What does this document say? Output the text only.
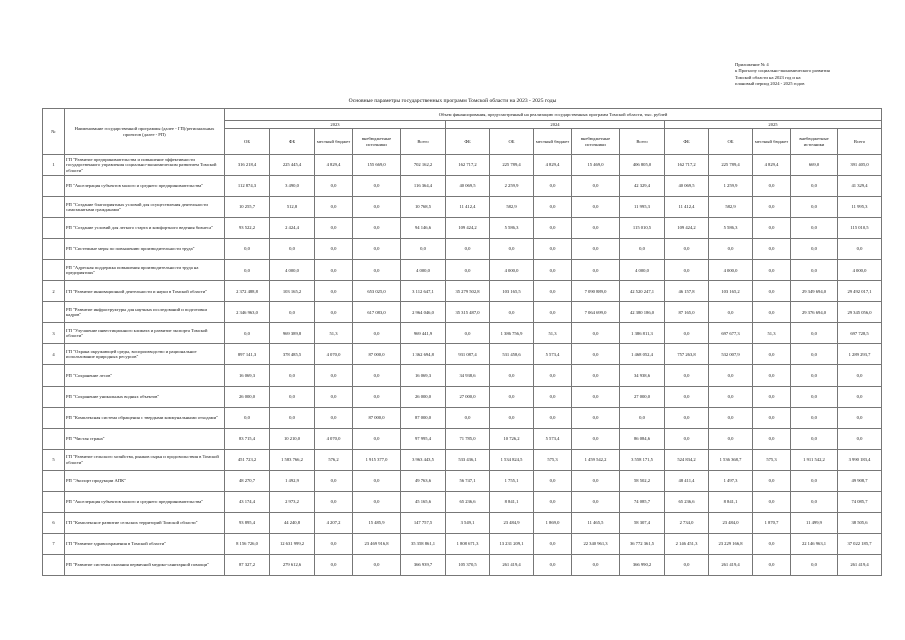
Приложение № 4
к Прогнозу социально-экономического развития
Томской области на 2023 год и на
плановый период 2024 - 2025 годов
Основные параметры государственных программ Томской области на 2023 - 2025 годы
№	Наименование государственной программы (далее - ГП)/региональных проектов (далее - РП)	Объем финансирования, предусмотренный на реализацию государственных программ Томской области, тыс. рублей														
		2023					2024					2025				
		ОБ	ФБ	местный бюджет	внебюджетные источники	Всего	ФБ	ОБ	местный бюджет	внебюджетные источники	Всего	ФБ	ОБ	местный бюджет	внебюджетные источники	Всего
1	ГП "Развитие предпринимательства и повышение эффективности государственного управления социально-экономическим развитием Томской области"	316 218,4	225 445,4	4 829,4	155 669,0	702 162,2	162 717,2	225 789,4	4 829,4	15 469,0	406 805,0	162 717,2	225 789,4	4 829,4	669,0	391 405,0
	РП "Акселерация субъектов малого и среднего предпринимательства"	112 874,3	3 490,0	0,0	0,0	116 364,4	40 069,5	2 259,9	0,0	0,0	42 329,4	40 069,5	1 259,9	0,0	0,0	41 329,4
	РП "Создание благоприятных условий для осуществления деятельности самозанятыми гражданами"	10 255,7	512,8	0,0	0,0	10 768,5	11 412,4	582,9	0,0	0,0	11 995,3	11 412,4	582,9	0,0	0,0	11 995,3
	РП "Создание условий для легкого старта и комфортного ведения бизнеса"	93 522,2	2 424,4	0,0	0,0	94 146,6	109 424,2	5 586,3	0,0	0,0	115 010,5	109 424,2	5 586,3	0,0	0,0	115 010,5
	РП "Системные меры по повышению производительности труда"	0,0	0,0	0,0	0,0	0,0	0,0	0,0	0,0	0,0	0,0	0,0	0,0	0,0	0,0	0,0
	РП "Адресная поддержка повышения производительности труда на предприятиях"	0,0	4 000,0	0,0	0,0	4 000,0	0,0	4 000,0	0,0	0,0	4 000,0	0,0	4 000,0	0,0	0,0	4 000,0
2	ГП "Развитие инновационной деятельности и науки в Томской области"	2 372 488,8	103 165,2	0,0	653 025,0	3 112 647,1	35 279 502,8	103 165,5	0,0	7 090 889,0	42 520 247,1	46 157,8	103 165,2	0,0	29 349 694,0	29 492 017,1
	РП "Развитие инфраструктуры для научных исследований и подготовки кадров"	2 346 963,0	0,0	0,0	617 083,0	2 964 046,0	35 315 487,0	0,0	0,0	7 064 699,0	42 380 186,0	87 165,0	0,0	0,0	29 376 694,0	29 345 056,0
3	ГП "Улучшение инвестиционного климата и развитие экспорта Томской области"	0,0	969 389,8	51,3	0,0	969 441,9	0,0	1 386 756,9	51,3	0,0	1 386 811,3	0,0	697 677,3	51,3	0,0	697 728,5
4	ГП "Охрана окружающей среды, воспроизводство и рациональное использование природных ресурсов"	897 141,3	378 485,5	4 070,0	87 000,0	1 362 694,8	931 087,4	531 458,6	5 573,4	0,0	1 468 052,4	757 263,8	532 007,9	0,0	0,0	1 289 293,7
	РП "Сохранение лесов"	16 069,3	0,0	0,0	0,0	16 069,3	34 938,6	0,0	0,0	0,0	34 938,6	0,0	0,0	0,0	0,0	0,0
	РП "Сохранение уникальных водных объектов"	26 000,0	0,0	0,0	0,0	26 000,0	27 000,0	0,0	0,0	0,0	27 000,0	0,0	0,0	0,0	0,0	0,0
	РП "Комплексная система обращения с твердыми коммунальными отходами"	0,0	0,0	0,0	87 000,0	87 000,0	0,0	0,0	0,0	0,0	0,0	0,0	0,0	0,0	0,0	0,0
	РП "Чистая страна"	83 715,4	10 210,0	4 070,0	0,0	97 995,4	71 785,0	10 726,2	5 573,4	0,0	86 084,6	0,0	0,0	0,0	0,0	0,0
5	ГП "Развитие сельского хозяйства, рынков сырья и продовольствия в Томской области"	451 723,2	1 583 766,2	576,2	1 915 377,0	3 963 443,5	533 436,1	1 534 824,5	575,3	1 459 542,2	3 558 171,5	524 834,2	1 536 368,7	575,3	1 911 542,2	3 990 183,4
	РП "Экспорт продукции АПК"	48 270,7	1 492,9	0,0	0,0	49 763,6	56 747,1	1 755,1	0,0	0,0	58 502,2	48 411,4	1 497,3	0,0	0,0	49 908,7
	РП "Акселерация субъектов малого и среднего предпринимательства"	43 174,4	2 973,2	0,0	0,0	45 165,6	65 236,6	8 841,1	0,0	0,0	74 085,7	65 236,6	8 841,1	0,0	0,0	74 085,7
6	ГП "Комплексное развитие сельских территорий Томской области"	93 895,4	44 240,8	4 207,2	15 485,9	147 757,5	3 549,1	23 484,9	1 869,0	11 465,5	58 307,4	2 734,0	23 484,0	1 870,7	11 499,9	38 505,6
7	ГП "Развитие здравоохранения в Томской области"	8 156 726,0	12 631 999,2	0,0	23 469 916,8	35 358 861,1	1 808 671,3	13 231 209,1	0,0	22 340 961,3	36 772 361,5	2 146 451,3	23 229 166,8	0,0	22 146 963,1	37 022 185,7
	РП "Развитие системы оказания первичной медико-санитарной помощи"	87 327,2	279 612,6	0,0	0,0	366 939,7	105 370,5	261 419,4	0,0	0,0	366 990,2	0,0	261 419,4	0,0	0,0	261 419,4
